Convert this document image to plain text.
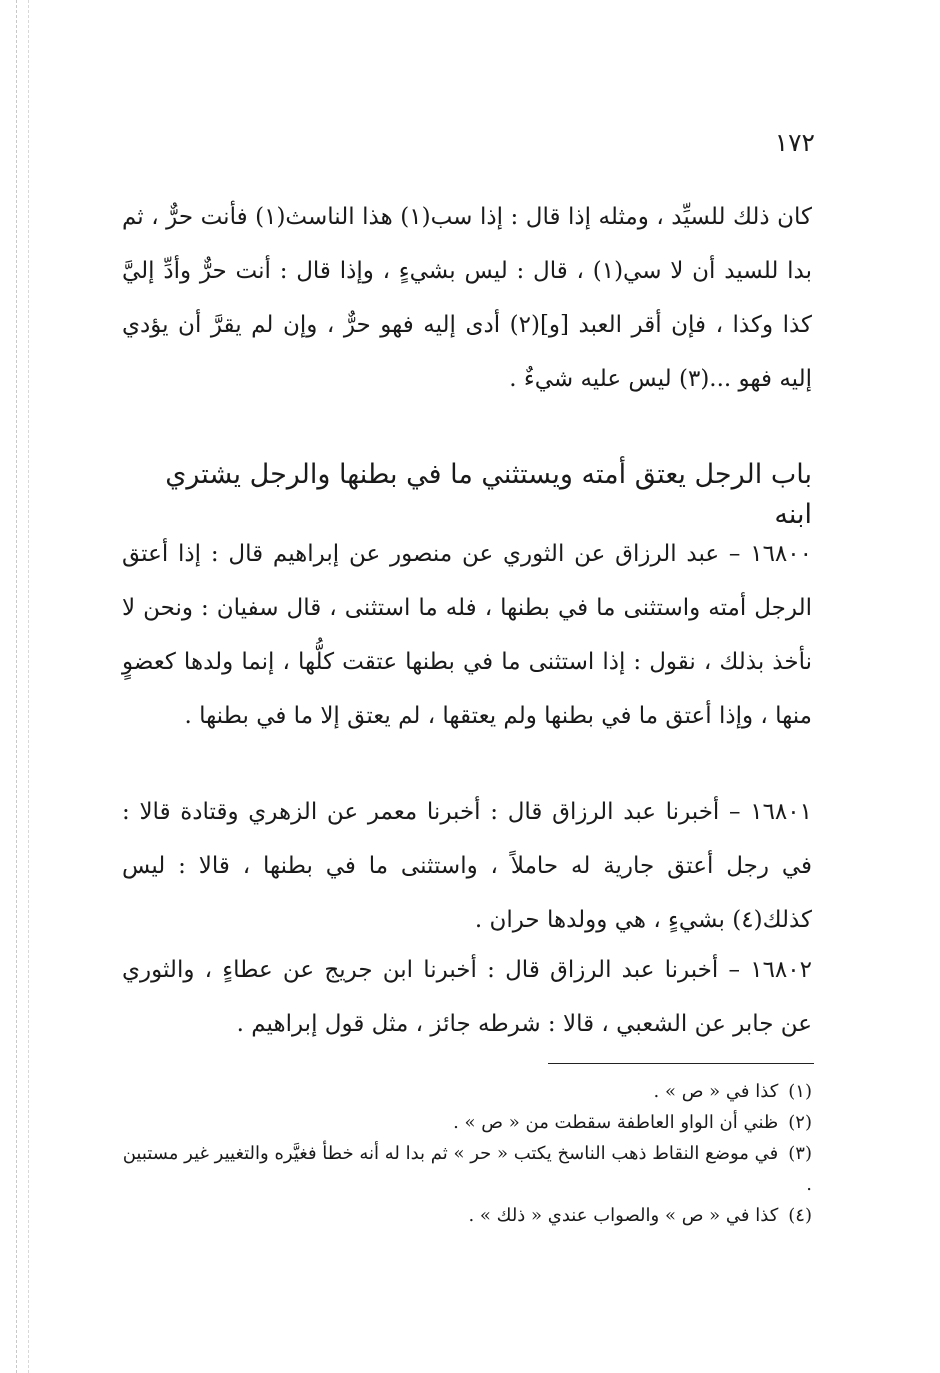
١٧٢

كان ذلك للسيِّد ، ومثله إذا قال : إذا سب(١) هذا الناسث(١) فأنت حرٌّ ، ثم بدا للسيد أن لا سي(١) ، قال : ليس بشيءٍ ، وإذا قال : أنت حرٌّ وأدِّ إليَّ كذا وكذا ، فإن أقر العبد [و](٢) أدى إليه فهو حرٌّ ، وإن لم يقرَّ أن يؤدي إليه فهو ...(٣) ليس عليه شيءٌ .

باب الرجل يعتق أمته ويستثني ما في بطنها والرجل يشتري ابنه

١٦٨٠٠ – عبد الرزاق عن الثوري عن منصور عن إبراهيم قال : إذا أعتق الرجل أمته واستثنى ما في بطنها ، فله ما استثنى ، قال سفيان : ونحن لا نأخذ بذلك ، نقول : إذا استثنى ما في بطنها عتقت كلُّها ، إنما ولدها كعضوٍ منها ، وإذا أعتق ما في بطنها ولم يعتقها ، لم يعتق إلا ما في بطنها .

١٦٨٠١ – أخبرنا عبد الرزاق قال : أخبرنا معمر عن الزهري وقتادة قالا : في رجل أعتق جارية له حاملاً ، واستثنى ما في بطنها ، قالا : ليس كذلك(٤) بشيءٍ ، هي وولدها حران .

١٦٨٠٢ – أخبرنا عبد الرزاق قال : أخبرنا ابن جريج عن عطاءٍ ، والثوري عن جابر عن الشعبي ، قالا : شرطه جائز ، مثل قول إبراهيم .

(١)كذا في « ص » .
(٢)ظني أن الواو العاطفة سقطت من « ص » .
(٣)في موضع النقاط ذهب الناسخ يكتب « حر » ثم بدا له أنه خطأ فغيَّره والتغيير غير مستبين .
(٤)كذا في « ص » والصواب عندي « ذلك » .
